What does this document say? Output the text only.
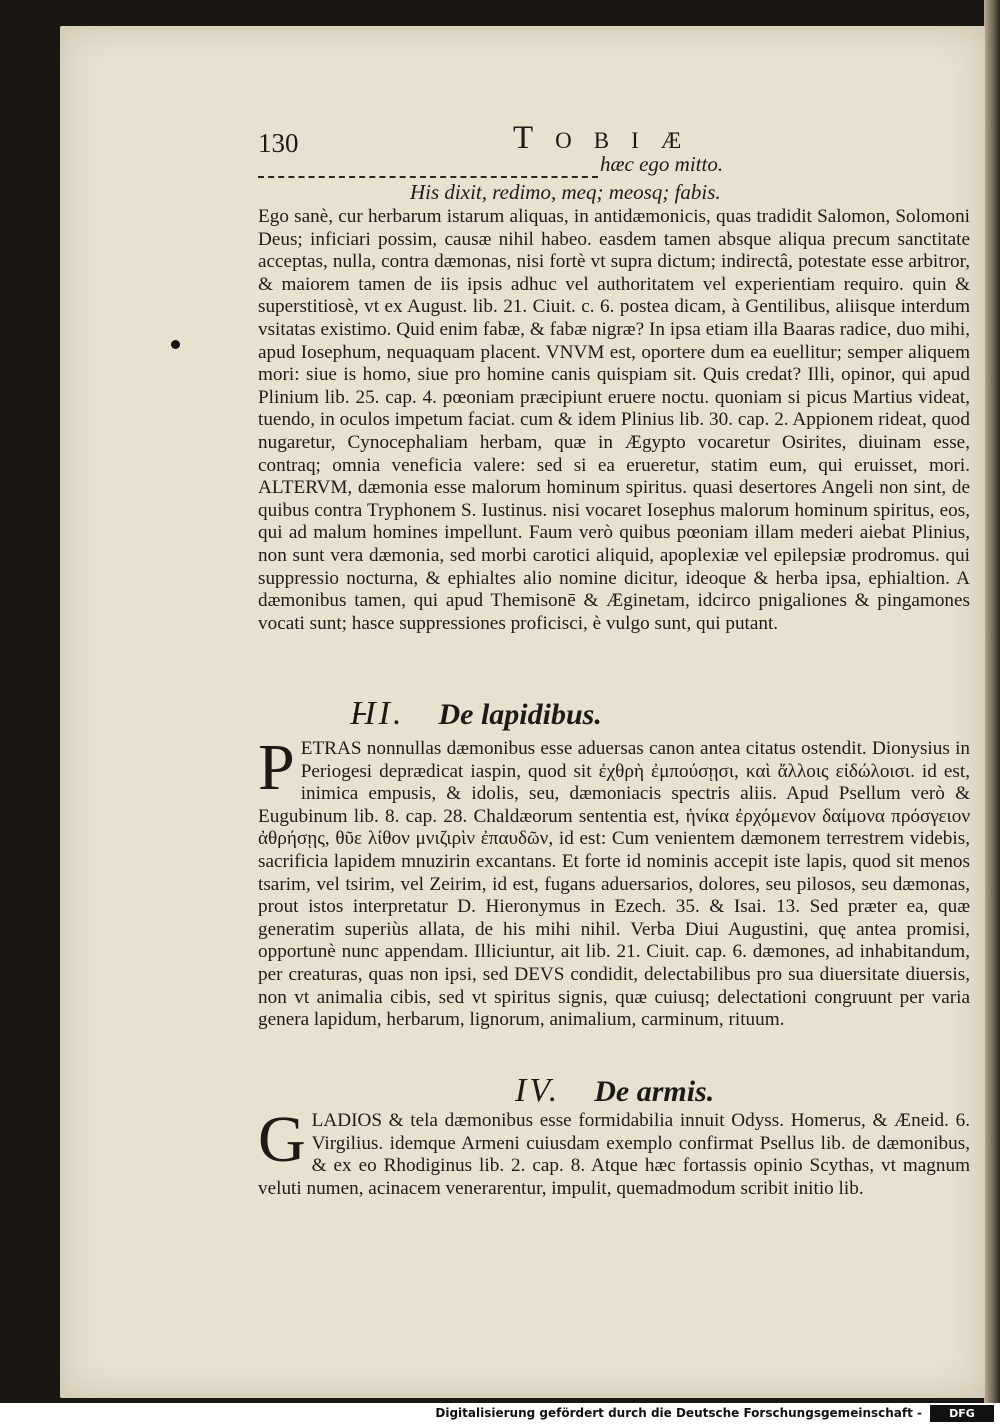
130	Tobiæ
hæc ego mitto.
His dixit, redimo, meq; meosq; fabis.

Ego sanè, cur herbarum istarum aliquas, in antidæmonicis, quas tradidit Salomon, Solomoni Deus; inficiari possim, causæ nihil habeo. easdem tamen absque aliqua precum sanctitate acceptas, nulla, contra dæmonas, nisi fortè vt supra dictum; indirectâ, potestate esse arbitror, & maiorem tamen de iis ipsis adhuc vel authoritatem vel experientiam requiro. quin & superstitiosè, vt ex August. lib. 21. Ciuit. c. 6. postea dicam, à Gentilibus, aliisque interdum vsitatas existimo. Quid enim fabæ, & fabæ nigræ? In ipsa etiam illa Baaras radice, duo mihi, apud Iosephum, nequaquam placent. VNVM est, oportere dum ea euellitur; semper aliquem mori: siue is homo, siue pro homine canis quispiam sit. Quis credat? Illi, opinor, qui apud Plinium lib. 25. cap. 4. pœoniam præcipiunt eruere noctu. quoniam si picus Martius videat, tuendo, in oculos impetum faciat. cum & idem Plinius lib. 30. cap. 2. Appionem rideat, quod nugaretur, Cynocephaliam herbam, quæ in Ægypto vocaretur Osirites, diuinam esse, contraq; omnia veneficia valere: sed si ea erueretur, statim eum, qui eruisset, mori. ALTERVM, dæmonia esse malorum hominum spiritus. quasi desertores Angeli non sint, de quibus contra Tryphonem S. Iustinus. nisi vocaret Iosephus malorum hominum spiritus, eos, qui ad malum homines impellunt. Faum verò quibus pœoniam illam mederi aiebat Plinius, non sunt vera dæmonia, sed morbi carotici aliquid, apoplexiæ vel epilepsiæ prodromus. qui suppressio nocturna, & ephialtes alio nomine dicitur, ideoque & herba ipsa, ephialtion. A dæmonibus tamen, qui apud Themisonē & Æginetam, idcirco pnigaliones & pingamones vocati sunt; hasce suppressiones proficisci, è vulgo sunt, qui putant.

III. De lapidibus.

PETRAS nonnullas dæmonibus esse aduersas canon antea citatus ostendit. Dionysius in Periogesi deprædicat iaspin, quod sit ἐχθρὴ ἐμπούσῃσι, καὶ ἄλλοις εἰδώλοισι. id est, inimica empusis, & idolis, seu, dæmoniacis spectris aliis. Apud Psellum verò & Eugubinum lib. 8. cap. 28. Chaldæorum sententia est, ἡνίκα ἐρχόμενον δαίμονα πρόσγειον ἀθρήσῃς, θῦε λίθον μνιζιρὶν ἐπαυδῶν, id est: Cum venientem dæmonem terrestrem videbis, sacrificia lapidem mnuzirin excantans. Et forte id nominis accepit iste lapis, quod sit menos tsarim, vel tsirim, vel Zeirim, id est, fugans aduersarios, dolores, seu pilosos, seu dæmonas, prout istos interpretatur D. Hieronymus in Ezech. 35. & Isai. 13. Sed præter ea, quæ generatim superiùs allata, de his mihi nihil. Verba Diui Augustini, quę antea promisi, opportunè nunc appendam. Illiciuntur, ait lib. 21. Ciuit. cap. 6. dæmones, ad inhabitandum, per creaturas, quas non ipsi, sed DEVS condidit, delectabilibus pro sua diuersitate diuersis, non vt animalia cibis, sed vt spiritus signis, quæ cuiusq; delectationi congruunt per varia genera lapidum, herbarum, lignorum, animalium, carminum, rituum.

IV. De armis.

GLADIOS & tela dæmonibus esse formidabilia innuit Odyss. Homerus, & Æneid. 6. Virgilius. idemque Armeni cuiusdam exemplo confirmat Psellus lib. de dæmonibus, & ex eo Rhodiginus lib. 2. cap. 8. Atque hæc fortassis opinio Scythas, vt magnum veluti numen, acinacem venerarentur, impulit, quemadmodum scribit initio lib.

Digitalisierung gefördert durch die Deutsche Forschungsgemeinschaft -	DFG
